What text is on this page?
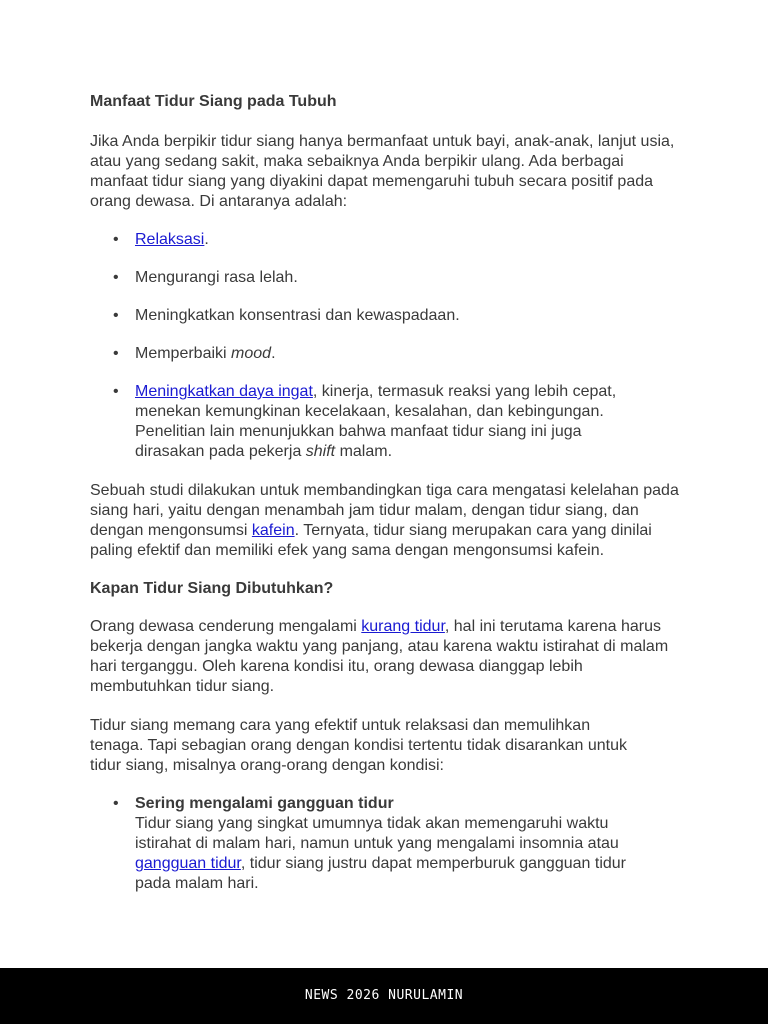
Manfaat Tidur Siang pada Tubuh

Jika Anda berpikir tidur siang hanya bermanfaat untuk bayi, anak-anak, lanjut usia, atau yang sedang sakit, maka sebaiknya Anda berpikir ulang. Ada berbagai manfaat tidur siang yang diyakini dapat memengaruhi tubuh secara positif pada orang dewasa. Di antaranya adalah:

• • Relaksasi.
• • Mengurangi rasa lelah.
• • Meningkatkan konsentrasi dan kewaspadaan.
• • Memperbaiki mood.
• • Meningkatkan daya ingat, kinerja, termasuk reaksi yang lebih cepat, menekan kemungkinan kecelakaan, kesalahan, dan kebingungan. Penelitian lain menunjukkan bahwa manfaat tidur siang ini juga dirasakan pada pekerja shift malam.

Sebuah studi dilakukan untuk membandingkan tiga cara mengatasi kelelahan pada siang hari, yaitu dengan menambah jam tidur malam, dengan tidur siang, dan dengan mengonsumsi kafein. Ternyata, tidur siang merupakan cara yang dinilai paling efektif dan memiliki efek yang sama dengan mengonsumsi kafein.

Kapan Tidur Siang Dibutuhkan?

Orang dewasa cenderung mengalami kurang tidur, hal ini terutama karena harus bekerja dengan jangka waktu yang panjang, atau karena waktu istirahat di malam hari terganggu. Oleh karena kondisi itu, orang dewasa dianggap lebih membutuhkan tidur siang.

Tidur siang memang cara yang efektif untuk relaksasi dan memulihkan tenaga. Tapi sebagian orang dengan kondisi tertentu tidak disarankan untuk tidur siang, misalnya orang-orang dengan kondisi:

• • Sering mengalami gangguan tidur
Tidur siang yang singkat umumnya tidak akan memengaruhi waktu istirahat di malam hari, namun untuk yang mengalami insomnia atau gangguan tidur, tidur siang justru dapat memperburuk gangguan tidur pada malam hari.
NEWS 2026 NURULAMIN
